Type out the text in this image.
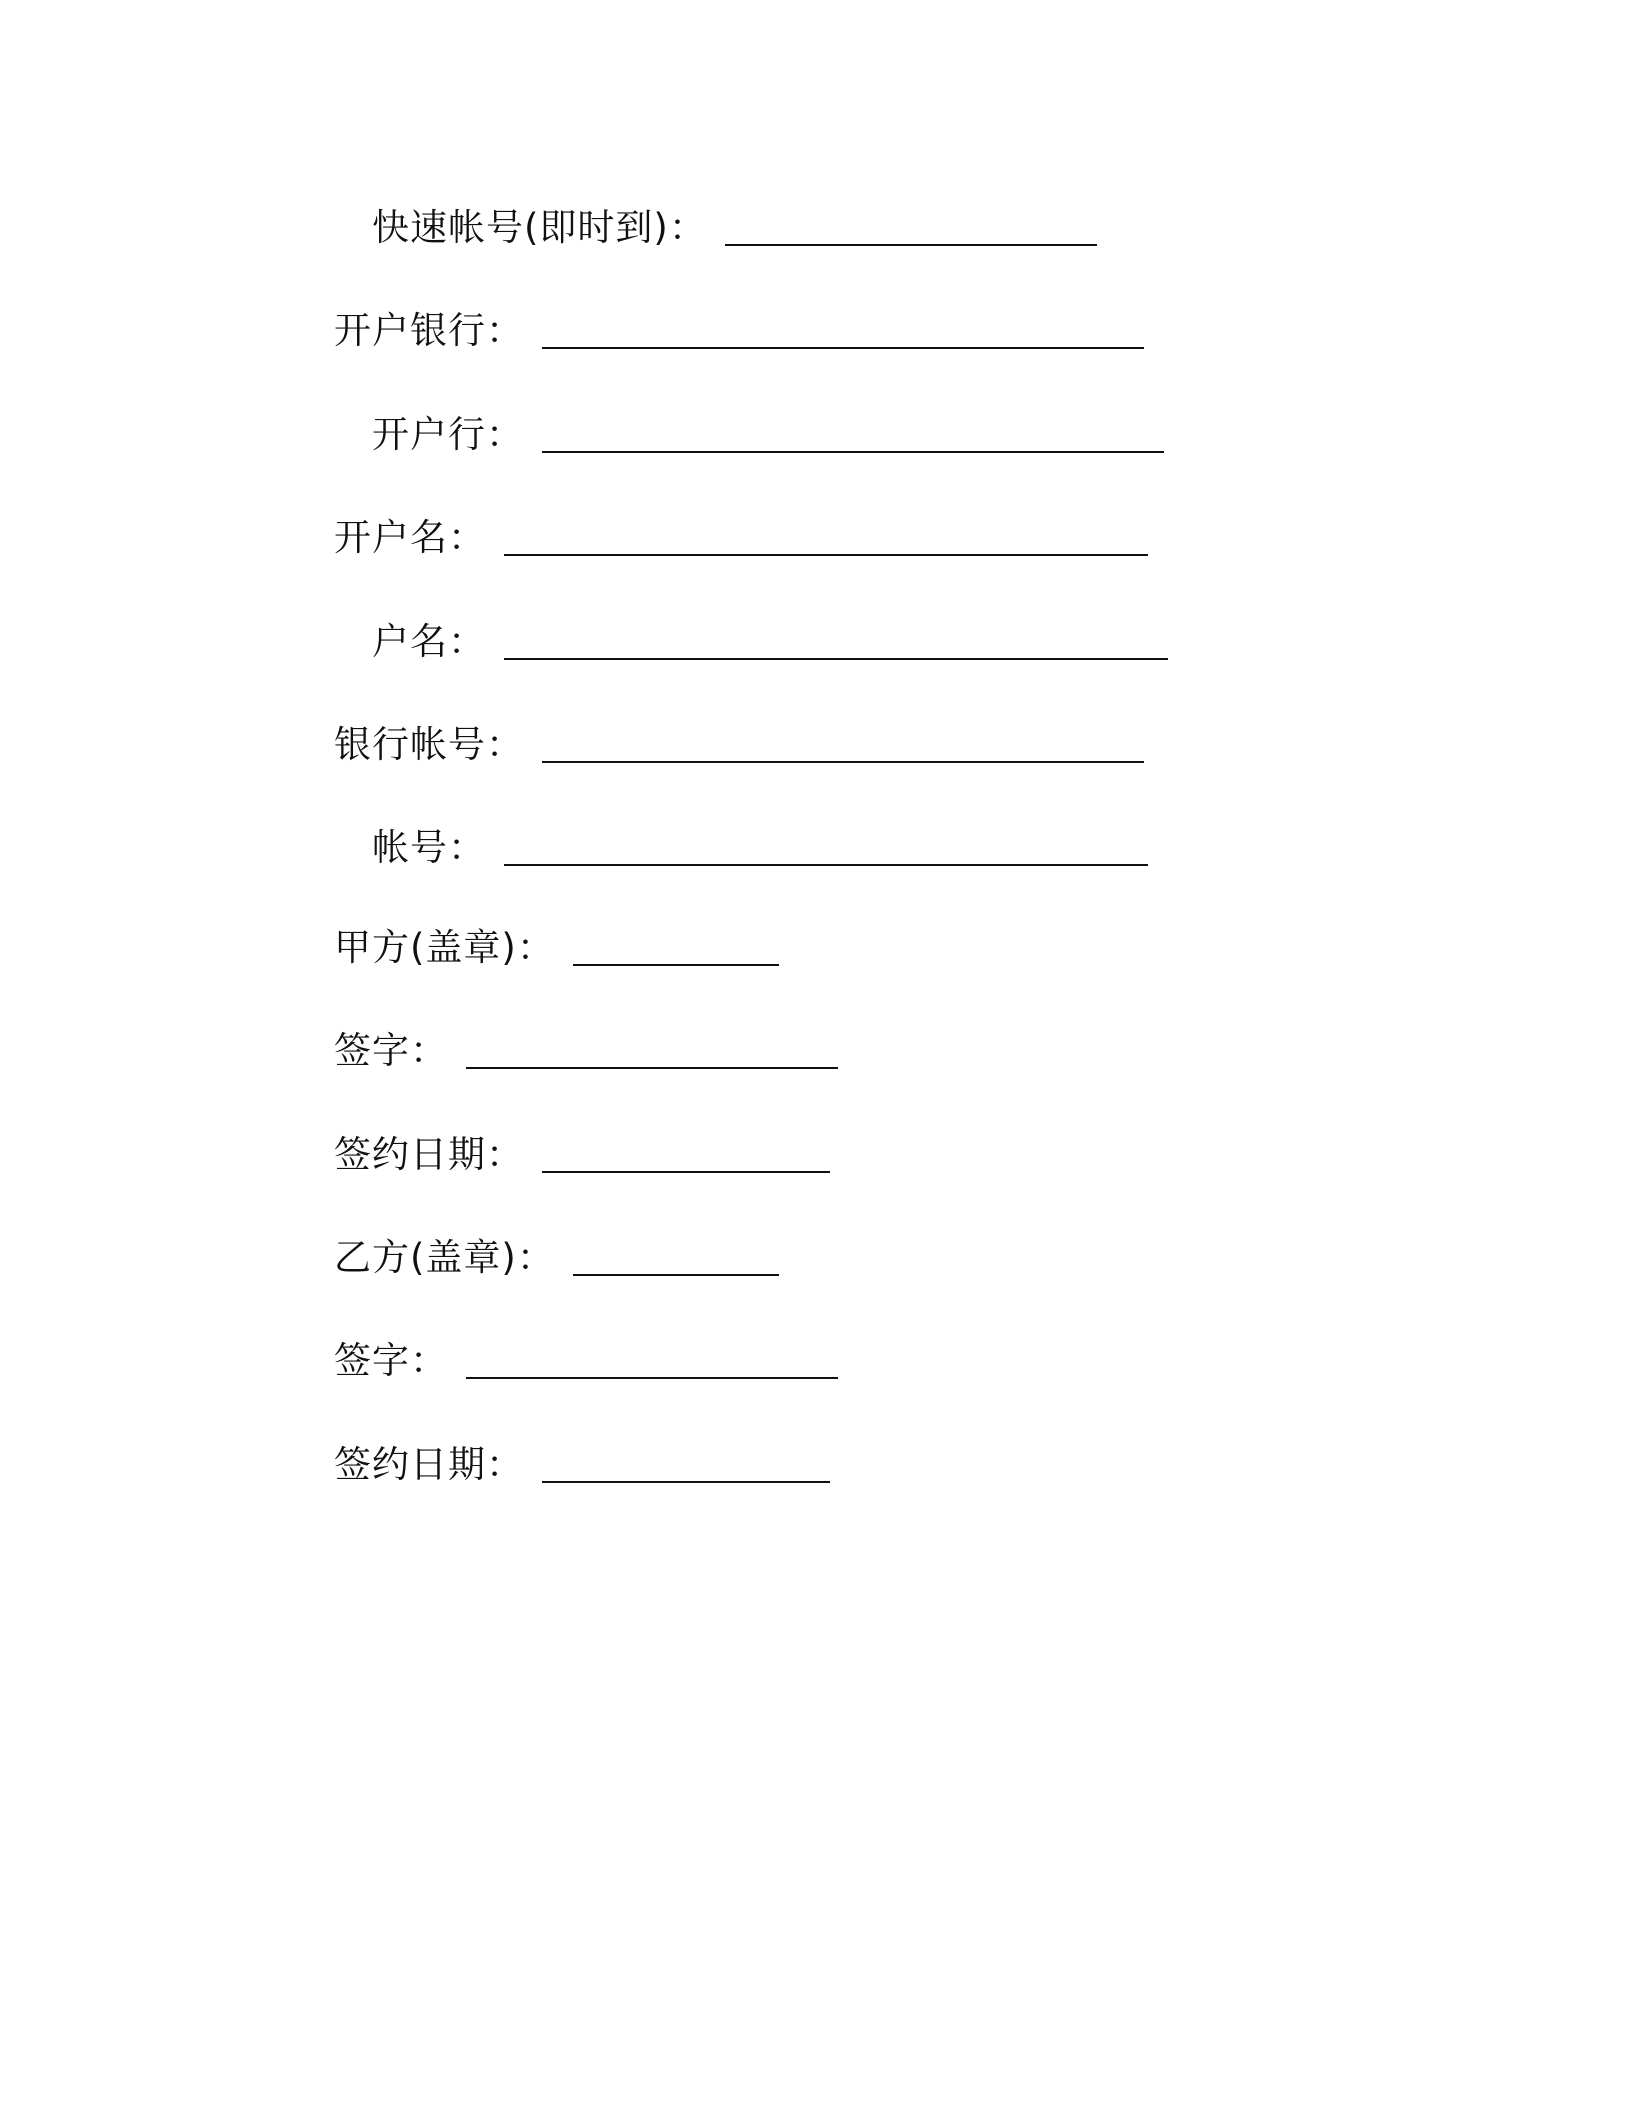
快速帐号(即时到)：
开户银行：
开户行：
开户名：
户名：
银行帐号：
帐号：
甲方(盖章)：
签字：
签约日期：
乙方(盖章)：
签字：
签约日期：
